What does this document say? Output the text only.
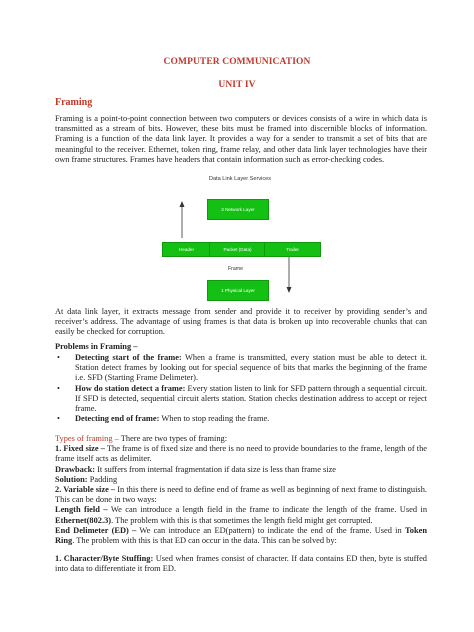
COMPUTER COMMUNICATION
UNIT IV
Framing
Framing is a point-to-point connection between two computers or devices consists of a wire in which data is transmitted as a stream of bits. However, these bits must be framed into discernible blocks of information. Framing is a function of the data link layer. It provides a way for a sender to transmit a set of bits that are meaningful to the receiver. Ethernet, token ring, frame relay, and other data link layer technologies have their own frame structures. Frames have headers that contain information such as error-checking codes.
Data Link Layer Services
3 Network Layer
Header	Packet (Data)	Trailer
Frame
1 Physical Layer
At data link layer, it extracts message from sender and provide it to receiver by providing sender’s and receiver’s address. The advantage of using frames is that data is broken up into recoverable chunks that can easily be checked for corruption.
Problems in Framing –
• Detecting start of the frame: When a frame is transmitted, every station must be able to detect it. Station detect frames by looking out for special sequence of bits that marks the beginning of the frame i.e. SFD (Starting Frame Delimeter).
• How do station detect a frame: Every station listen to link for SFD pattern through a sequential circuit. If SFD is detected, sequential circuit alerts station. Station checks destination address to accept or reject frame.
• Detecting end of frame: When to stop reading the frame.
Types of framing – There are two types of framing:
1. Fixed size – The frame is of fixed size and there is no need to provide boundaries to the frame, length of the frame itself acts as delimiter.
Drawback: It suffers from internal fragmentation if data size is less than frame size
Solution: Padding
2. Variable size – In this there is need to define end of frame as well as beginning of next frame to distinguish. This can be done in two ways:
Length field – We can introduce a length field in the frame to indicate the length of the frame. Used in Ethernet(802.3). The problem with this is that sometimes the length field might get corrupted.
End Delimeter (ED) – We can introduce an ED(pattern) to indicate the end of the frame. Used in Token Ring. The problem with this is that ED can occur in the data. This can be solved by:
1. Character/Byte Stuffing: Used when frames consist of character. If data contains ED then, byte is stuffed into data to differentiate it from ED.
